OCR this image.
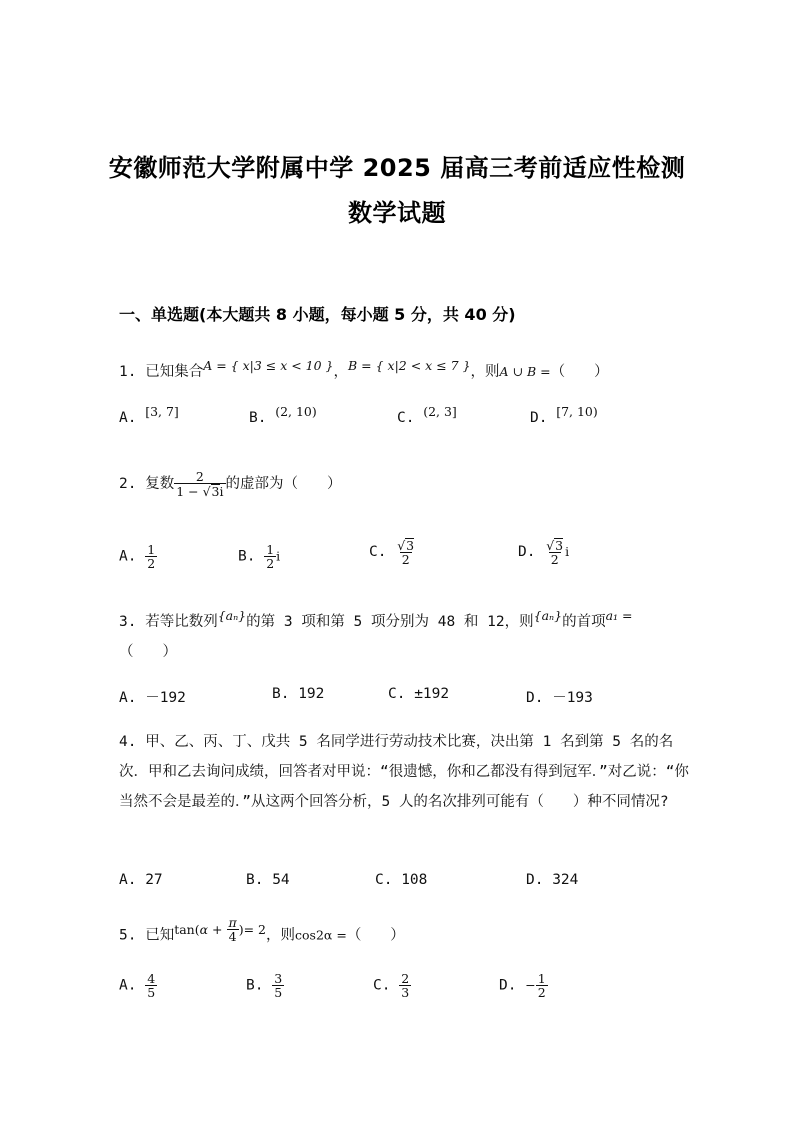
安徽师范大学附属中学 2025 届高三考前适应性检测
数学试题
一、单选题(本大题共 8 小题，每小题 5 分，共 40 分)
1. 已知集合A = { x|3 ≤ x < 10 }，B = { x|2 < x ≤ 7 }，则A ∪ B =（　　）
A. [3, 7]	B. (2, 10)	C. (2, 3]	D. [7, 10)
2. 复数 $\frac{2}{1 - √3i}$ 的虚部为（　　）
A. $\frac{1}{2}$	B. $\frac{1}{2}$ i	C. $\frac{√3}{2}$	D. $\frac{√3}{2}$ i
3. 若等比数列{aₙ}的第 3 项和第 5 项分别为 48 和 12，则{aₙ}的首项a₁ =
（　　）
A. －192	B. 192	C. ±192	D. －193
4. 甲、乙、丙、丁、戊共 5 名同学进行劳动技术比赛，决出第 1 名到第 5 名的名次．甲和乙去询问成绩，回答者对甲说：“很遗憾，你和乙都没有得到冠军．”对乙说：“你当然不会是最差的．”从这两个回答分析，5 人的名次排列可能有（　　）种不同情况?
A. 27	B. 54	C. 108	D. 324
5. 已知$\tan(\alpha + \frac{\pi}{4}$ )= 2，则cos2α =（　　）
A. $\frac{4}{5}$	B. $\frac{3}{5}$	C. $\frac{2}{3}$	D. − $\frac{1}{2}$
